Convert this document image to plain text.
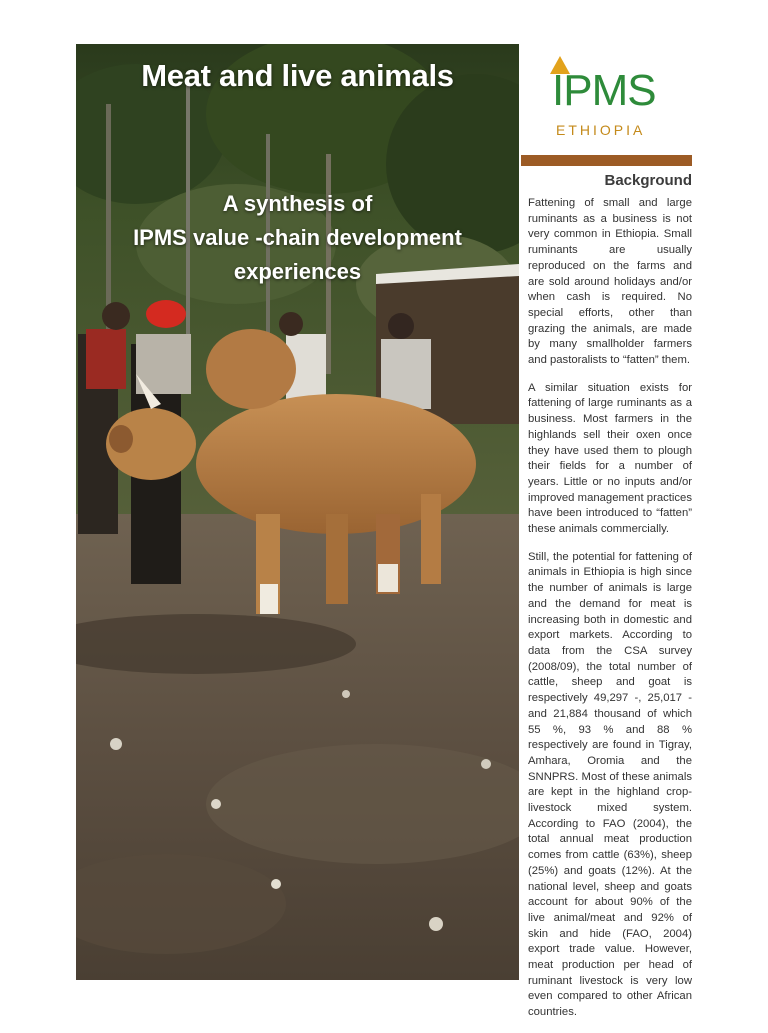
Meat and live animals
A synthesis of
IPMS value -chain development
experiences
IPMS
ETHIOPIA
Background

Fattening of small and large ruminants as a business is not very common in Ethiopia. Small ruminants are usually reproduced on the farms and are sold around holidays and/or when cash is required. No special efforts, other than grazing the animals, are made by many smallholder farmers and pastoralists to “fatten” them.

A similar situation exists for fattening of large ruminants as a business. Most farmers in the highlands sell their oxen once they have used them to plough their fields for a number of years. Little or no inputs and/or improved management practices have been introduced to “fatten” these animals commercially.

Still, the potential for fattening of animals in Ethiopia is high since the number of animals is large and the demand for meat is increasing both in domestic and export markets. According to data from the CSA survey (2008/09), the total number of cattle, sheep and goat is respectively 49,297 -, 25,017 - and 21,884 thousand of which 55 %, 93 % and 88 % respectively are found in Tigray, Amhara, Oromia and the SNNPRS. Most of these animals are kept in the highland crop-livestock mixed system. According to FAO (2004), the total annual meat production comes from cattle (63%), sheep (25%) and goats (12%). At the national level, sheep and goats account for about 90% of the live animal/meat and 92% of skin and hide (FAO, 2004) export trade value. However, meat production per head of ruminant livestock is very low even compared to other African countries.
